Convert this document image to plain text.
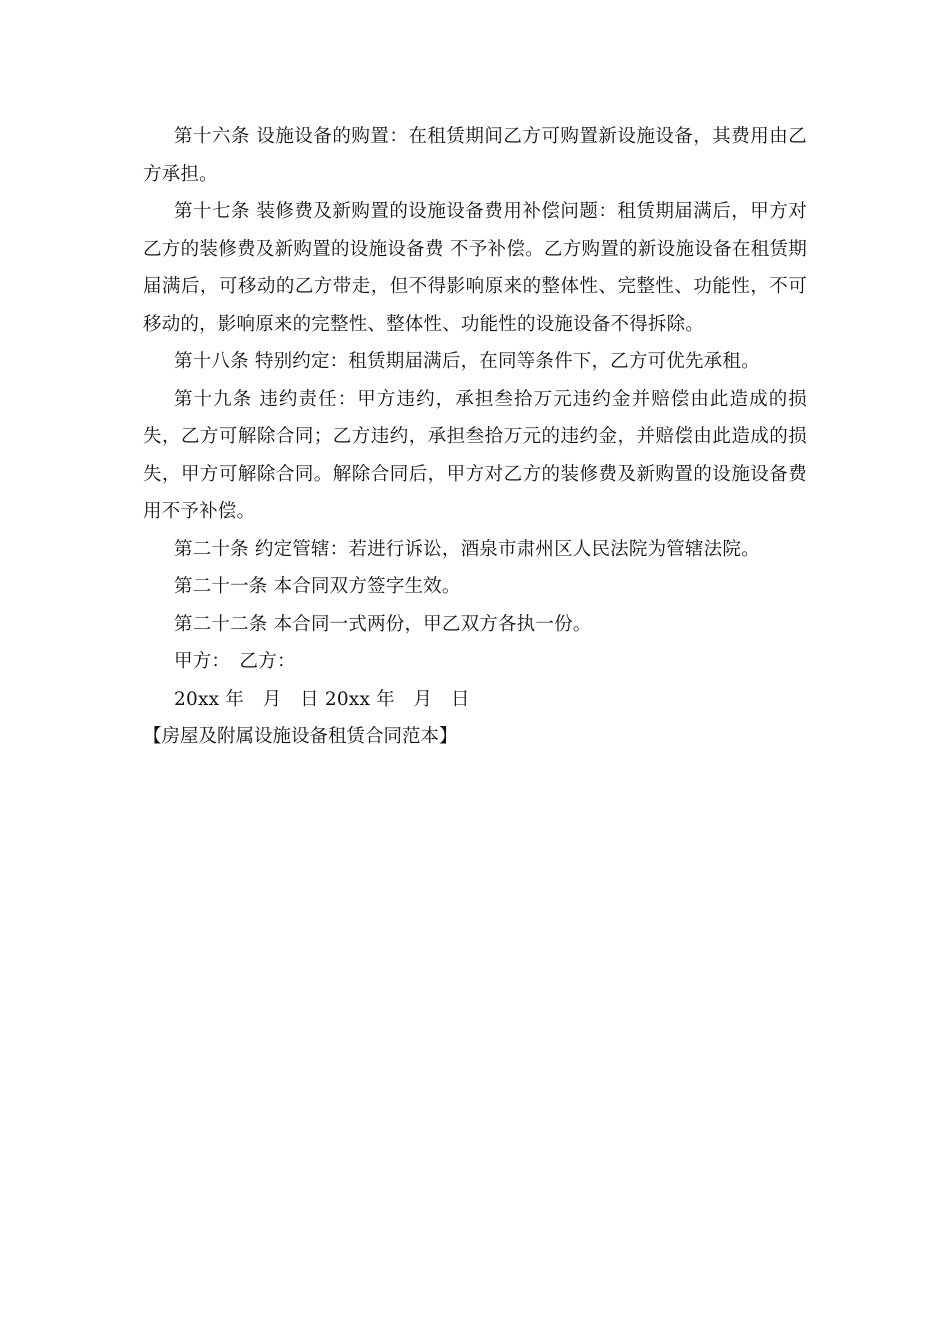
第十六条 设施设备的购置：在租赁期间乙方可购置新设施设备，其费用由乙方承担。

第十七条 装修费及新购置的设施设备费用补偿问题：租赁期届满后，甲方对乙方的装修费及新购置的设施设备费 不予补偿。乙方购置的新设施设备在租赁期届满后，可移动的乙方带走，但不得影响原来的整体性、完整性、功能性，不可移动的，影响原来的完整性、整体性、功能性的设施设备不得拆除。

第十八条 特别约定：租赁期届满后，在同等条件下，乙方可优先承租。

第十九条 违约责任：甲方违约，承担叁拾万元违约金并赔偿由此造成的损失，乙方可解除合同；乙方违约，承担叁拾万元的违约金，并赔偿由此造成的损失，甲方可解除合同。解除合同后，甲方对乙方的装修费及新购置的设施设备费用不予补偿。

第二十条 约定管辖：若进行诉讼，酒泉市肃州区人民法院为管辖法院。

第二十一条 本合同双方签字生效。

第二十二条 本合同一式两份，甲乙双方各执一份。

甲方：　乙方：

20xx 年　月　日 20xx 年　月　日

【房屋及附属设施设备租赁合同范本】
